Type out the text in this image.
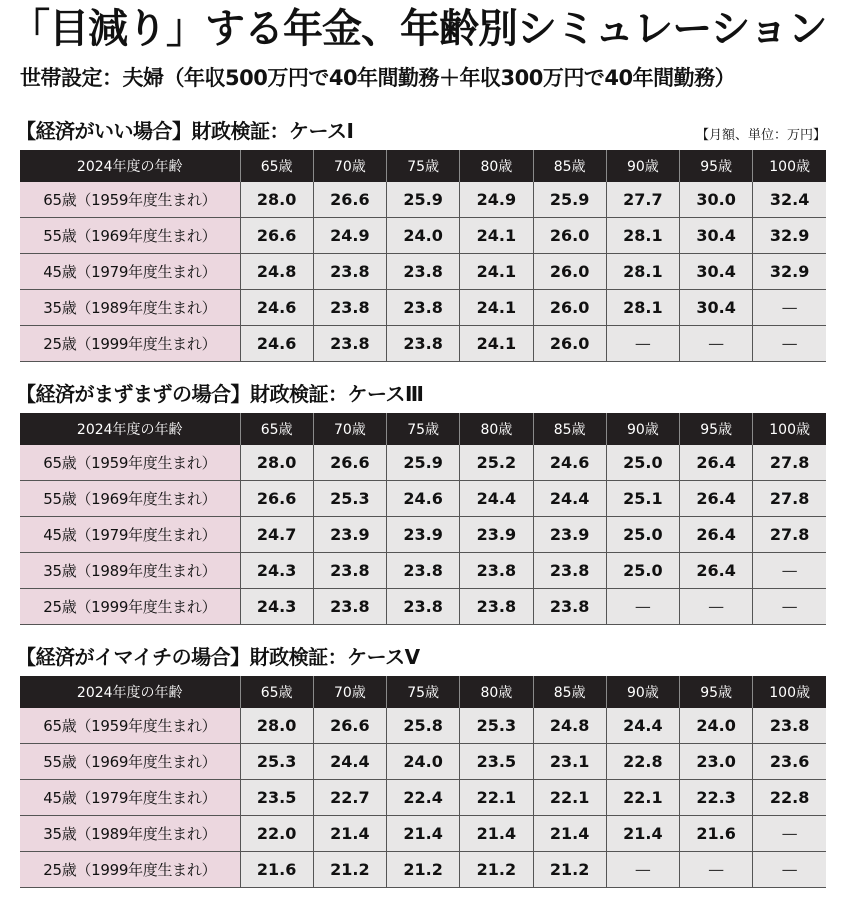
「目減り」する年金、年齢別シミュレーション
世帯設定：夫婦（年収500万円で40年間勤務＋年収300万円で40年間勤務）
【経済がいい場合】財政検証：ケースⅠ	【月額、単位：万円】
2024年度の年齢	65歳	70歳	75歳	80歳	85歳	90歳	95歳	100歳
65歳（1959年度生まれ）	28.0	26.6	25.9	24.9	25.9	27.7	30.0	32.4
55歳（1969年度生まれ）	26.6	24.9	24.0	24.1	26.0	28.1	30.4	32.9
45歳（1979年度生まれ）	24.8	23.8	23.8	24.1	26.0	28.1	30.4	32.9
35歳（1989年度生まれ）	24.6	23.8	23.8	24.1	26.0	28.1	30.4	—
25歳（1999年度生まれ）	24.6	23.8	23.8	24.1	26.0	—	—	—
【経済がまずまずの場合】財政検証：ケースⅢ
2024年度の年齢	65歳	70歳	75歳	80歳	85歳	90歳	95歳	100歳
65歳（1959年度生まれ）	28.0	26.6	25.9	25.2	24.6	25.0	26.4	27.8
55歳（1969年度生まれ）	26.6	25.3	24.6	24.4	24.4	25.1	26.4	27.8
45歳（1979年度生まれ）	24.7	23.9	23.9	23.9	23.9	25.0	26.4	27.8
35歳（1989年度生まれ）	24.3	23.8	23.8	23.8	23.8	25.0	26.4	—
25歳（1999年度生まれ）	24.3	23.8	23.8	23.8	23.8	—	—	—
【経済がイマイチの場合】財政検証：ケースⅤ
2024年度の年齢	65歳	70歳	75歳	80歳	85歳	90歳	95歳	100歳
65歳（1959年度生まれ）	28.0	26.6	25.8	25.3	24.8	24.4	24.0	23.8
55歳（1969年度生まれ）	25.3	24.4	24.0	23.5	23.1	22.8	23.0	23.6
45歳（1979年度生まれ）	23.5	22.7	22.4	22.1	22.1	22.1	22.3	22.8
35歳（1989年度生まれ）	22.0	21.4	21.4	21.4	21.4	21.4	21.6	—
25歳（1999年度生まれ）	21.6	21.2	21.2	21.2	21.2	—	—	—
